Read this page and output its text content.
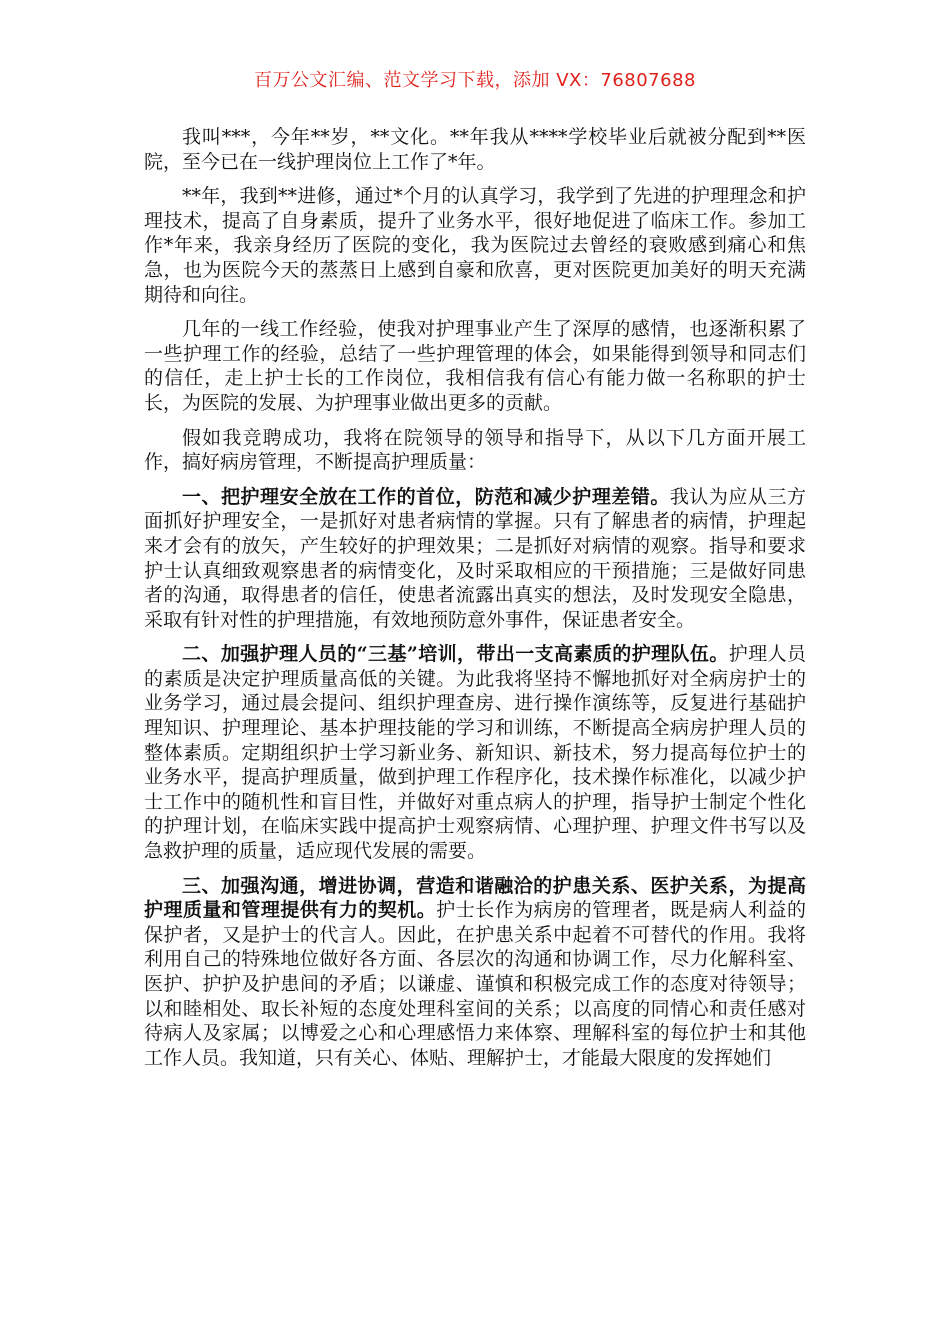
百万公文汇编、范文学习下载，添加 VX：76807688

我叫***，今年**岁，**文化。**年我从****学校毕业后就被分配到**医院，至今已在一线护理岗位上工作了*年。

**年，我到**进修，通过*个月的认真学习，我学到了先进的护理理念和护理技术，提高了自身素质，提升了业务水平，很好地促进了临床工作。参加工作*年来，我亲身经历了医院的变化，我为医院过去曾经的衰败感到痛心和焦急，也为医院今天的蒸蒸日上感到自豪和欣喜，更对医院更加美好的明天充满期待和向往。

几年的一线工作经验，使我对护理事业产生了深厚的感情，也逐渐积累了一些护理工作的经验，总结了一些护理管理的体会，如果能得到领导和同志们的信任，走上护士长的工作岗位，我相信我有信心有能力做一名称职的护士长，为医院的发展、为护理事业做出更多的贡献。

假如我竞聘成功，我将在院领导的领导和指导下，从以下几方面开展工作，搞好病房管理，不断提高护理质量：

一、把护理安全放在工作的首位，防范和减少护理差错。我认为应从三方面抓好护理安全，一是抓好对患者病情的掌握。只有了解患者的病情，护理起来才会有的放矢，产生较好的护理效果；二是抓好对病情的观察。指导和要求护士认真细致观察患者的病情变化，及时采取相应的干预措施；三是做好同患者的沟通，取得患者的信任，使患者流露出真实的想法，及时发现安全隐患，采取有针对性的护理措施，有效地预防意外事件，保证患者安全。

二、加强护理人员的“三基”培训，带出一支高素质的护理队伍。护理人员的素质是决定护理质量高低的关键。为此我将坚持不懈地抓好对全病房护士的业务学习，通过晨会提问、组织护理查房、进行操作演练等，反复进行基础护理知识、护理理论、基本护理技能的学习和训练，不断提高全病房护理人员的整体素质。定期组织护士学习新业务、新知识、新技术，努力提高每位护士的业务水平，提高护理质量，做到护理工作程序化，技术操作标准化，以减少护士工作中的随机性和盲目性，并做好对重点病人的护理，指导护士制定个性化的护理计划，在临床实践中提高护士观察病情、心理护理、护理文件书写以及急救护理的质量，适应现代发展的需要。

三、加强沟通，增进协调，营造和谐融洽的护患关系、医护关系，为提高护理质量和管理提供有力的契机。护士长作为病房的管理者，既是病人利益的保护者，又是护士的代言人。因此，在护患关系中起着不可替代的作用。我将利用自己的特殊地位做好各方面、各层次的沟通和协调工作，尽力化解科室、医护、护护及护患间的矛盾；以谦虚、谨慎和积极完成工作的态度对待领导；以和睦相处、取长补短的态度处理科室间的关系；以高度的同情心和责任感对待病人及家属；以博爱之心和心理感悟力来体察、理解科室的每位护士和其他工作人员。我知道，只有关心、体贴、理解护士，才能最大限度的发挥她们
